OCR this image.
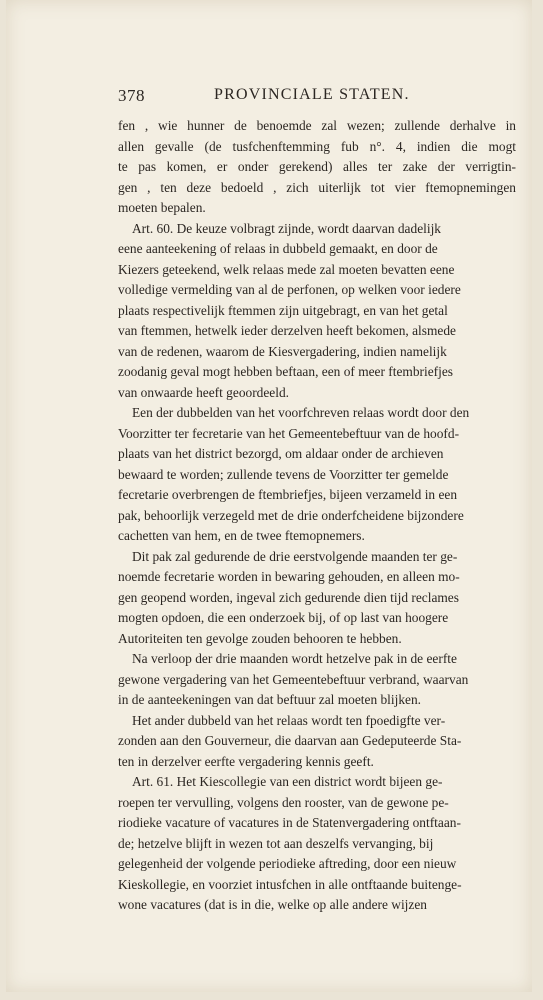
378	PROVINCIALE STATEN.
fen , wie hunner de benoemde zal wezen; zullende derhalve in
allen gevalle (de tusfchenftemming fub n°. 4, indien die mogt
te pas komen, er onder gerekend) alles ter zake der verrigtin-
gen , ten deze bedoeld , zich uiterlijk tot vier ftemopnemingen
moeten bepalen.
Art. 60. De keuze volbragt zijnde, wordt daarvan dadelijk
eene aanteekening of relaas in dubbeld gemaakt, en door de
Kiezers geteekend, welk relaas mede zal moeten bevatten eene
volledige vermelding van al de perfonen, op welken voor iedere
plaats respectivelijk ftemmen zijn uitgebragt, en van het getal
van ftemmen, hetwelk ieder derzelven heeft bekomen, alsmede
van de redenen, waarom de Kiesvergadering, indien namelijk
zoodanig geval mogt hebben beftaan, een of meer ftembriefjes
van onwaarde heeft geoordeeld.
Een der dubbelden van het voorfchreven relaas wordt door den
Voorzitter ter fecretarie van het Gemeentebeftuur van de hoofd-
plaats van het district bezorgd, om aldaar onder de archieven
bewaard te worden; zullende tevens de Voorzitter ter gemelde
fecretarie overbrengen de ftembriefjes, bijeen verzameld in een
pak, behoorlijk verzegeld met de drie onderfcheidene bijzondere
cachetten van hem, en de twee ftemopnemers.
Dit pak zal gedurende de drie eerstvolgende maanden ter ge-
noemde fecretarie worden in bewaring gehouden, en alleen mo-
gen geopend worden, ingeval zich gedurende dien tijd reclames
mogten opdoen, die een onderzoek bij, of op last van hoogere
Autoriteiten ten gevolge zouden behooren te hebben.
Na verloop der drie maanden wordt hetzelve pak in de eerfte
gewone vergadering van het Gemeentebeftuur verbrand, waarvan
in de aanteekeningen van dat beftuur zal moeten blijken.
Het ander dubbeld van het relaas wordt ten fpoedigfte ver-
zonden aan den Gouverneur, die daarvan aan Gedeputeerde Sta-
ten in derzelver eerfte vergadering kennis geeft.
Art. 61. Het Kiescollegie van een district wordt bijeen ge-
roepen ter vervulling, volgens den rooster, van de gewone pe-
riodieke vacature of vacatures in de Statenvergadering ontftaan-
de; hetzelve blijft in wezen tot aan deszelfs vervanging, bij
gelegenheid der volgende periodieke aftreding, door een nieuw
Kieskollegie, en voorziet intusfchen in alle ontftaande buitenge-
wone vacatures (dat is in die, welke op alle andere wijzen
